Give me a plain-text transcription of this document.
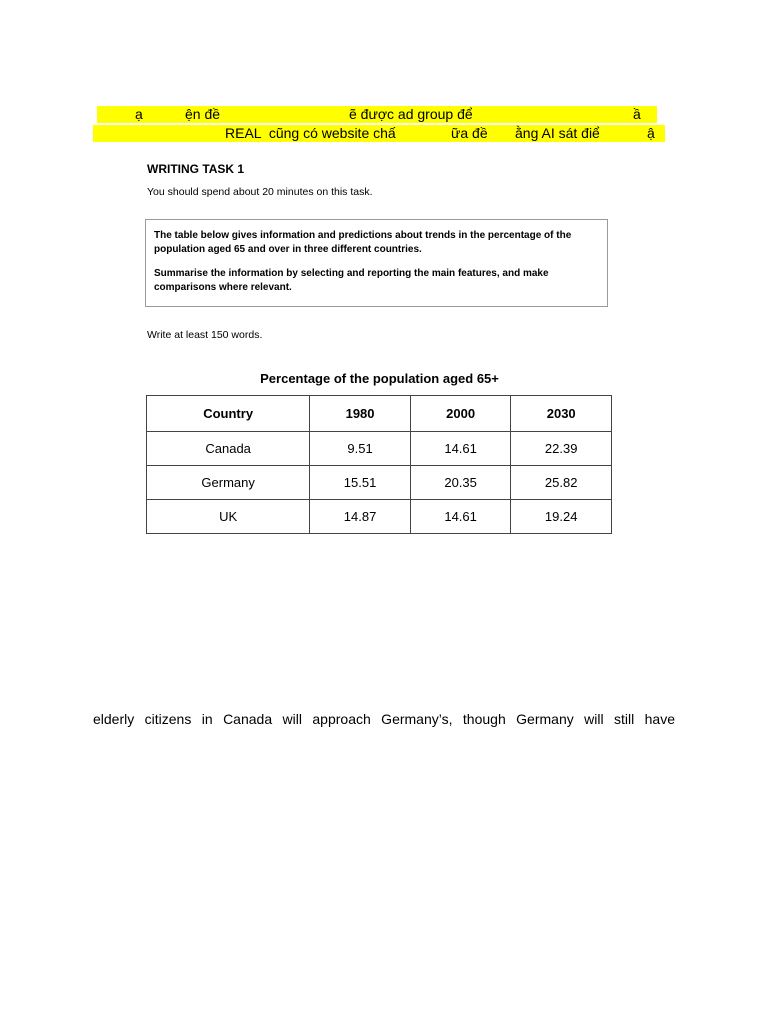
ạ	ện đề	ẽ được ad group để	ầ
REAL  cũng có website chấ	ữa đề ằng AI sát điể	ậ
WRITING TASK 1
You should spend about 20 minutes on this task.

The table below gives information and predictions about trends in the percentage of the population aged 65 and over in three different countries.

Summarise the information by selecting and reporting the main features, and make comparisons where relevant.

Write at least 150 words.
Percentage of the population aged 65+
Country	1980	2000	2030
Canada	9.51	14.61	22.39
Germany	15.51	20.35	25.82
UK	14.87	14.61	19.24
elderly citizens in Canada will approach Germany’s, though Germany will still have
